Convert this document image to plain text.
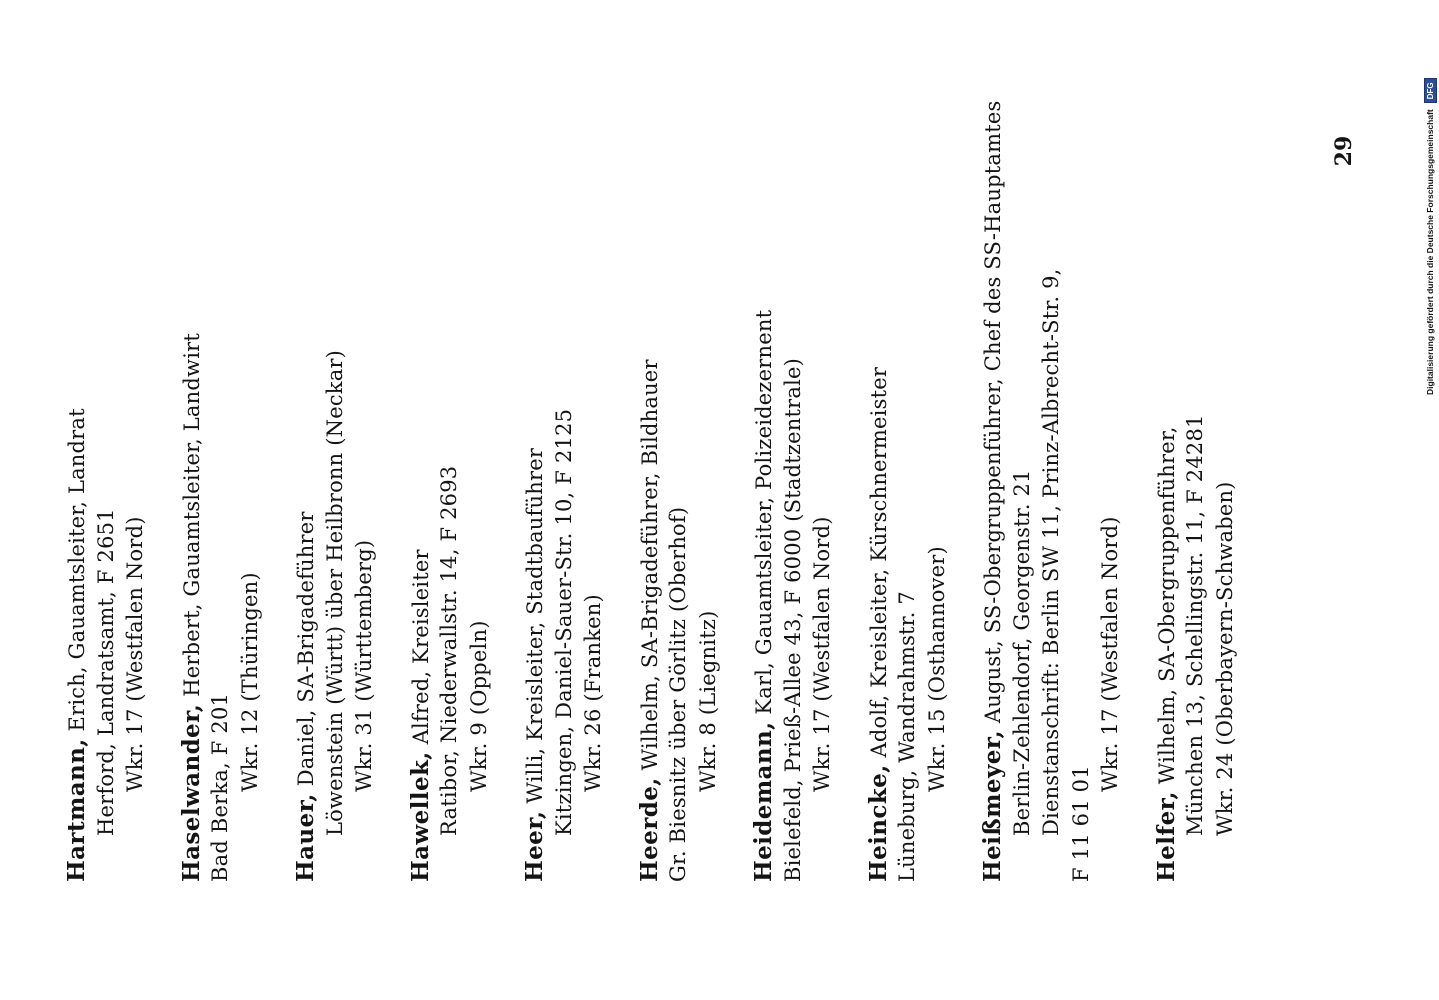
Hartmann, Erich, Gauamtsleiter, Landrat Herford, Landratsamt, F 2651 Wkr. 17 (Westfalen Nord)
Haselwander, Herbert, Gauamtsleiter, Landwirt
Bad Berka, F 201 Wkr. 12 (Thüringen)
Hauer, Daniel, SA-Brigadeführer Löwenstein (Württ) über Heilbronn (Neckar) Wkr. 31 (Württemberg)
Hawellek, Alfred, Kreisleiter Ratibor, Niederwallstr. 14, F 2693 Wkr. 9 (Oppeln)
Heer, Willi, Kreisleiter, Stadtbauführer Kitzingen, Daniel-Sauer-Str. 10, F 2125 Wkr. 26 (Franken)
Heerde, Wilhelm, SA-Brigadeführer, Bildhauer Gr. Biesnitz über Görlitz (Oberhof) Wkr. 8 (Liegnitz)
Heidemann, Karl, Gauamtsleiter, Polizeidezernent Bielefeld, Prieß-Allee 43, F 6000 (Stadtzentrale) Wkr. 17 (Westfalen Nord)
Heincke, Adolf, Kreisleiter, Kürschnermeister Lüneburg, Wandrahmstr. 7 Wkr. 15 (Osthannover)
Heißmeyer, August, SS-Obergruppenführer, Chef des SS-Hauptamtes Berlin-Zehlendorf, Georgenstr. 21 Dienstanschrift: Berlin SW 11, Prinz-Albrecht-Str. 9, F 11 61 01
Wkr. 17 (Westfalen Nord)
Helfer, Wilhelm, SA-Obergruppenführer, München 13, Schellingstr. 11, F 24281 Wkr. 24 (Oberbayern-Schwaben)
29	Digitalisierung gefördert durch die Deutsche Forschungsgemeinschaft
DFG
